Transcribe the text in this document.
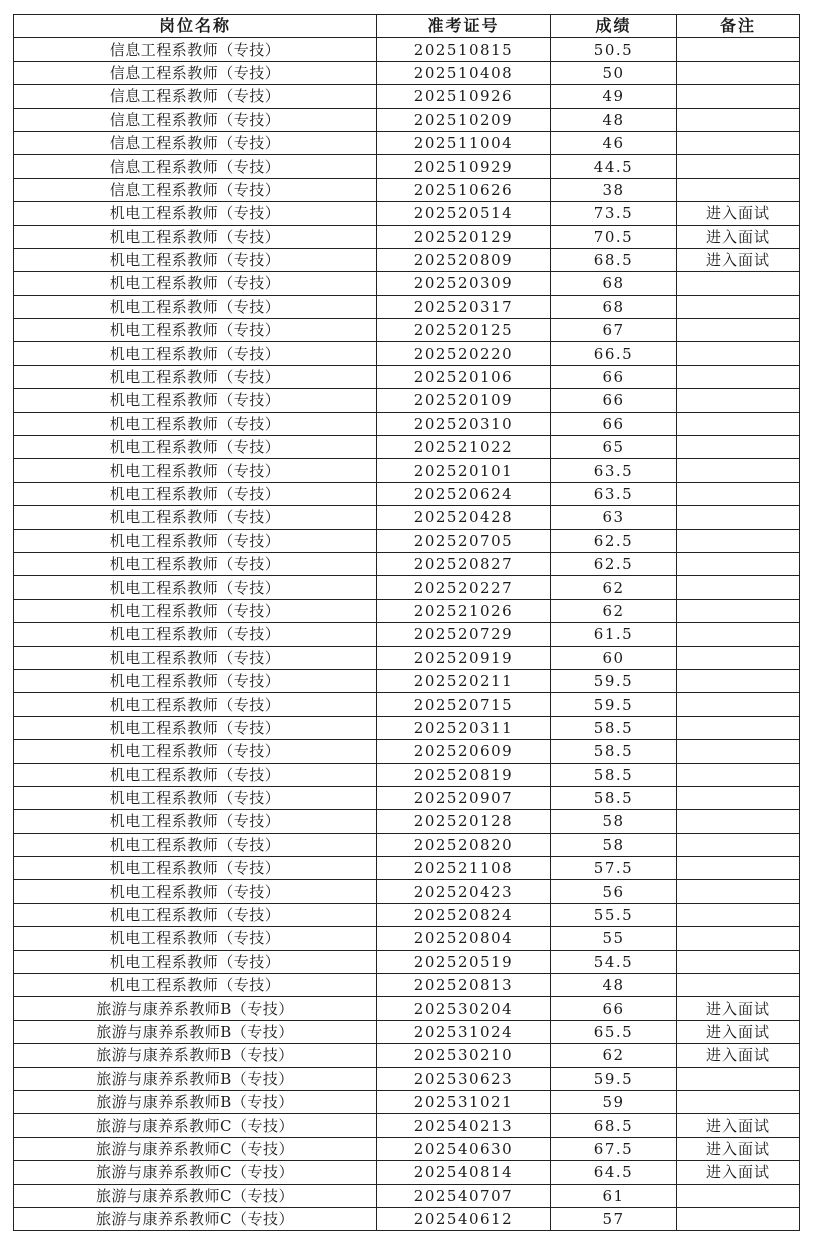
岗位名称	准考证号	成绩	备注
信息工程系教师（专技）	202510815	50.5	
信息工程系教师（专技）	202510408	50	
信息工程系教师（专技）	202510926	49	
信息工程系教师（专技）	202510209	48	
信息工程系教师（专技）	202511004	46	
信息工程系教师（专技）	202510929	44.5	
信息工程系教师（专技）	202510626	38	
机电工程系教师（专技）	202520514	73.5	进入面试
机电工程系教师（专技）	202520129	70.5	进入面试
机电工程系教师（专技）	202520809	68.5	进入面试
机电工程系教师（专技）	202520309	68	
机电工程系教师（专技）	202520317	68	
机电工程系教师（专技）	202520125	67	
机电工程系教师（专技）	202520220	66.5	
机电工程系教师（专技）	202520106	66	
机电工程系教师（专技）	202520109	66	
机电工程系教师（专技）	202520310	66	
机电工程系教师（专技）	202521022	65	
机电工程系教师（专技）	202520101	63.5	
机电工程系教师（专技）	202520624	63.5	
机电工程系教师（专技）	202520428	63	
机电工程系教师（专技）	202520705	62.5	
机电工程系教师（专技）	202520827	62.5	
机电工程系教师（专技）	202520227	62	
机电工程系教师（专技）	202521026	62	
机电工程系教师（专技）	202520729	61.5	
机电工程系教师（专技）	202520919	60	
机电工程系教师（专技）	202520211	59.5	
机电工程系教师（专技）	202520715	59.5	
机电工程系教师（专技）	202520311	58.5	
机电工程系教师（专技）	202520609	58.5	
机电工程系教师（专技）	202520819	58.5	
机电工程系教师（专技）	202520907	58.5	
机电工程系教师（专技）	202520128	58	
机电工程系教师（专技）	202520820	58	
机电工程系教师（专技）	202521108	57.5	
机电工程系教师（专技）	202520423	56	
机电工程系教师（专技）	202520824	55.5	
机电工程系教师（专技）	202520804	55	
机电工程系教师（专技）	202520519	54.5	
机电工程系教师（专技）	202520813	48	
旅游与康养系教师B（专技）	202530204	66	进入面试
旅游与康养系教师B（专技）	202531024	65.5	进入面试
旅游与康养系教师B（专技）	202530210	62	进入面试
旅游与康养系教师B（专技）	202530623	59.5	
旅游与康养系教师B（专技）	202531021	59	
旅游与康养系教师C（专技）	202540213	68.5	进入面试
旅游与康养系教师C（专技）	202540630	67.5	进入面试
旅游与康养系教师C（专技）	202540814	64.5	进入面试
旅游与康养系教师C（专技）	202540707	61	
旅游与康养系教师C（专技）	202540612	57	
